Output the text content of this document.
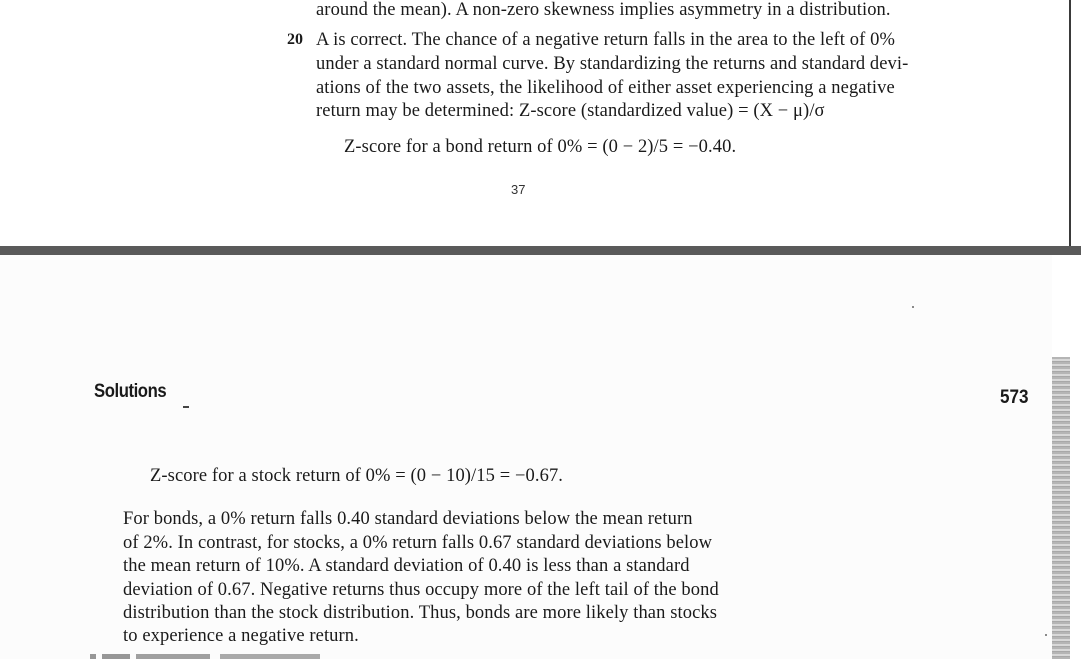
around the mean). A non-zero skewness implies asymmetry in a distribution.
20 A is correct. The chance of a negative return falls in the area to the left of 0%
under a standard normal curve. By standardizing the returns and standard devi-
ations of the two assets, the likelihood of either asset experiencing a negative
return may be determined: Z-score (standardized value) = (X − μ)/σ
Z-score for a bond return of 0% = (0 − 2)/5 = −0.40.
37
Solutions	573
Z-score for a stock return of 0% = (0 − 10)/15 = −0.67.
For bonds, a 0% return falls 0.40 standard deviations below the mean return
of 2%. In contrast, for stocks, a 0% return falls 0.67 standard deviations below
the mean return of 10%. A standard deviation of 0.40 is less than a standard
deviation of 0.67. Negative returns thus occupy more of the left tail of the bond
distribution than the stock distribution. Thus, bonds are more likely than stocks
to experience a negative return.
